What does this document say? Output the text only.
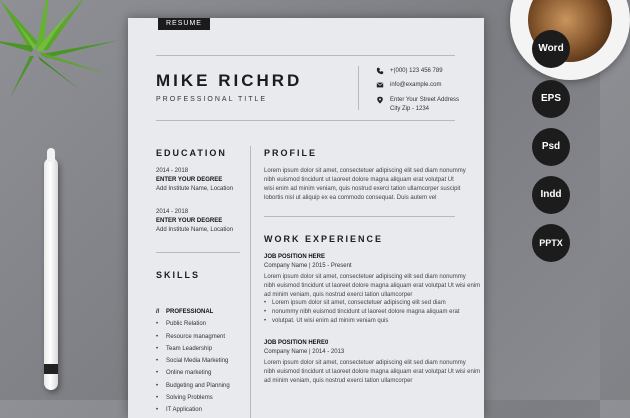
RESUME
MIKE RICHRD
PROFESSIONAL TITLE
+(000) 123 456 789
info@example.com
Enter Your Street Address
City Zip - 1234
EDUCATION
2014 - 2018
ENTER YOUR DEGREE
Add Institute Name, Location
2014 - 2018
ENTER YOUR DEGREE
Add Institute Name, Location
SKILLS
// PROFESSIONAL
• Public Relation
• Resource managment
• Team Leadership
• Social Media Marketing
• Online marketing
• Budgeting and Planning
• Solving Problems
• IT Application
PROFILE
Lorem ipsum dolor sit amet, consectetuer adipiscing elit sed diam nonummy
nibh euismod tincidunt ut laoreet dolore magna aliquam erat volutpat Ut
wisi enim ad minim veniam, quis nostrud exerci tation ullamcorper suscipit
lobortis nisl ut aliquip ex ea commodo consequat. Duis autem vel
WORK EXPERIENCE
JOB POSITION HERE
Company Name | 2015 - Present
Lorem ipsum dolor sit amet, consectetuer adipiscing elit sed diam nonummy
nibh euismod tincidunt ut laoreet dolore magna aliquam erat volutpat Ut wisi enim
ad minim veniam, quis nostrud exerci tation ullamcorper
• Lorem ipsum dolor sit amet, consectetuer adipiscing elit sed diam
• nonummy nibh euismod tincidunt ut laoreet dolore magna aliquam erat
• volutpat. Ut wisi enim ad minim veniam quis
JOB POSITION HERE0
Company Name | 2014 - 2013
Lorem ipsum dolor sit amet, consectetuer adipiscing elit sed diam nonummy
nibh euismod tincidunt ut laoreet dolore magna aliquam erat volutpat Ut wisi enim
ad minim veniam, quis nostrud exerci tation ullamcorper
Word
EPS
Psd
Indd
PPTX
